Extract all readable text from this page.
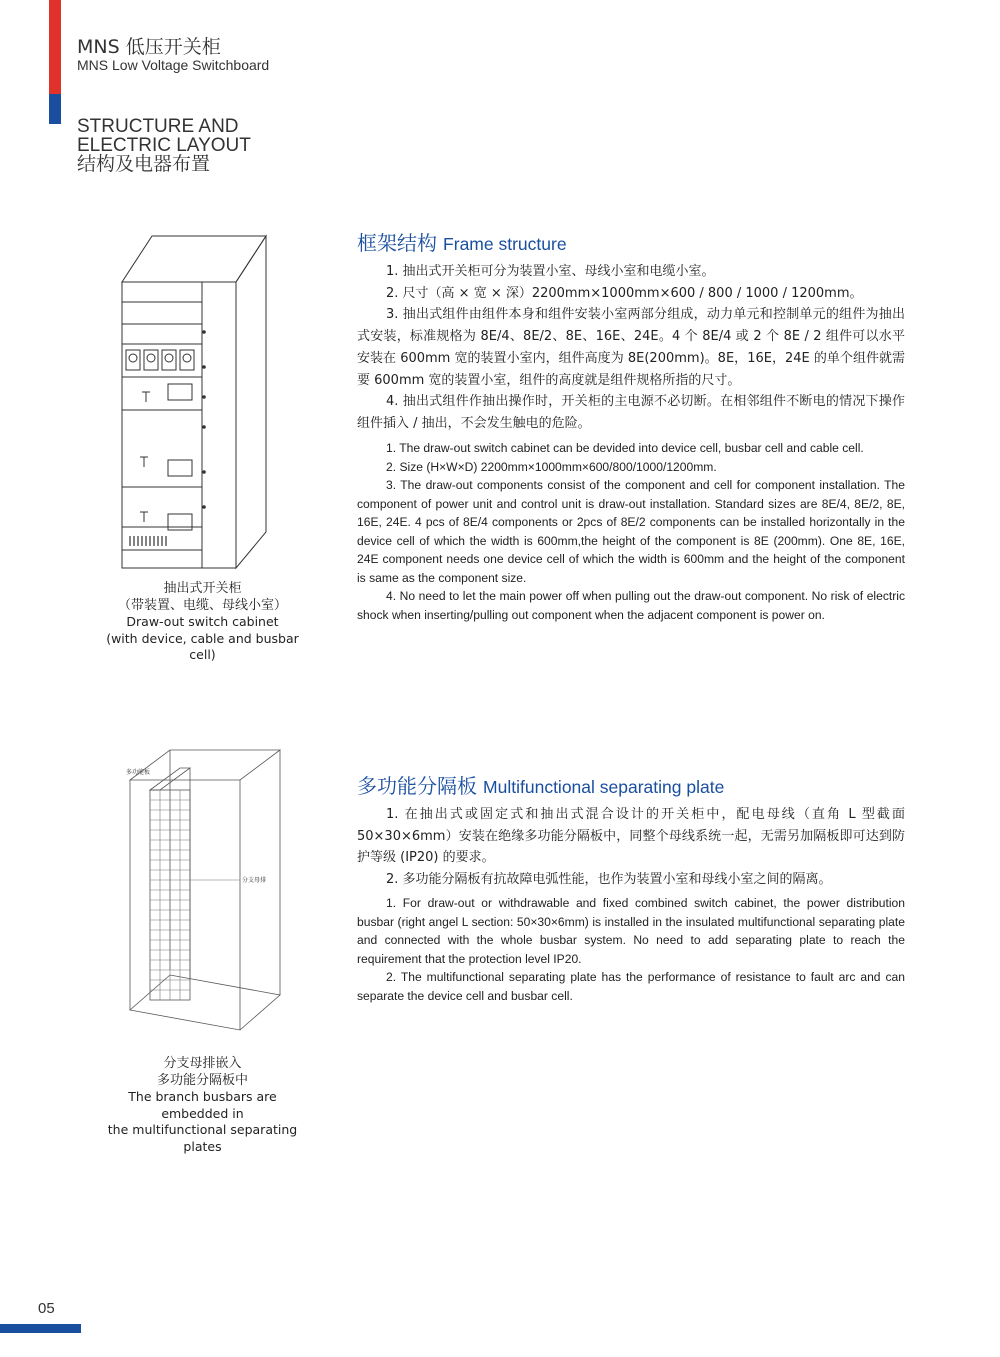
MNS 低压开关柜
MNS Low Voltage Switchboard
STRUCTURE AND
ELECTRIC LAYOUT
结构及电器布置
抽出式开关柜
（带装置、电缆、母线小室）
Draw-out switch cabinet
(with device, cable and busbar cell)
多功能板
分支母排
分支母排嵌入
多功能分隔板中
The branch busbars are embedded in
the multifunctional separating plates
框架结构 Frame structure

1. 抽出式开关柜可分为装置小室、母线小室和电缆小室。

2. 尺寸（高 × 宽 × 深）2200mm×1000mm×600 / 800 / 1000 / 1200mm。

3. 抽出式组件由组件本身和组件安装小室两部分组成，动力单元和控制单元的组件为抽出式安装，标准规格为 8E/4、8E/2、8E、16E、24E。4 个 8E/4 或 2 个 8E / 2 组件可以水平安装在 600mm 宽的装置小室内，组件高度为 8E(200mm)。8E，16E，24E 的单个组件就需要 600mm 宽的装置小室，组件的高度就是组件规格所指的尺寸。

4. 抽出式组件作抽出操作时，开关柜的主电源不必切断。在相邻组件不断电的情况下操作组件插入 / 抽出，不会发生触电的危险。

1. The draw-out switch cabinet can be devided into device cell, busbar cell and cable cell.

2. Size (H×W×D) 2200mm×1000mm×600/800/1000/1200mm.

3. The draw-out components consist of the component and cell for component installation. The component of power unit and control unit is draw-out installation. Standard sizes are 8E/4, 8E/2, 8E, 16E, 24E. 4 pcs of 8E/4 components or 2pcs of 8E/2 components can be installed horizontally in the device cell of which the width is 600mm,the height of the component is 8E (200mm). One 8E, 16E, 24E component needs one device cell of which the width is 600mm and the height of the component is same as the component size.

4. No need to let the main power off when pulling out the draw-out component. No risk of electric shock when inserting/pulling out component when the adjacent component is power on.

多功能分隔板 Multifunctional separating plate

1. 在抽出式或固定式和抽出式混合设计的开关柜中，配电母线（直角 L 型截面 50×30×6mm）安装在绝缘多功能分隔板中，同整个母线系统一起，无需另加隔板即可达到防护等级 (IP20) 的要求。

2. 多功能分隔板有抗故障电弧性能，也作为装置小室和母线小室之间的隔离。

1. For draw-out or withdrawable and fixed combined switch cabinet, the power distribution busbar (right angel L section: 50×30×6mm) is installed in the insulated multifunctional separating plate and connected with the whole busbar system. No need to add separating plate to reach the requirement that the protection level IP20.

2. The multifunctional separating plate has the performance of resistance to fault arc and can separate the device cell and busbar cell.

05
